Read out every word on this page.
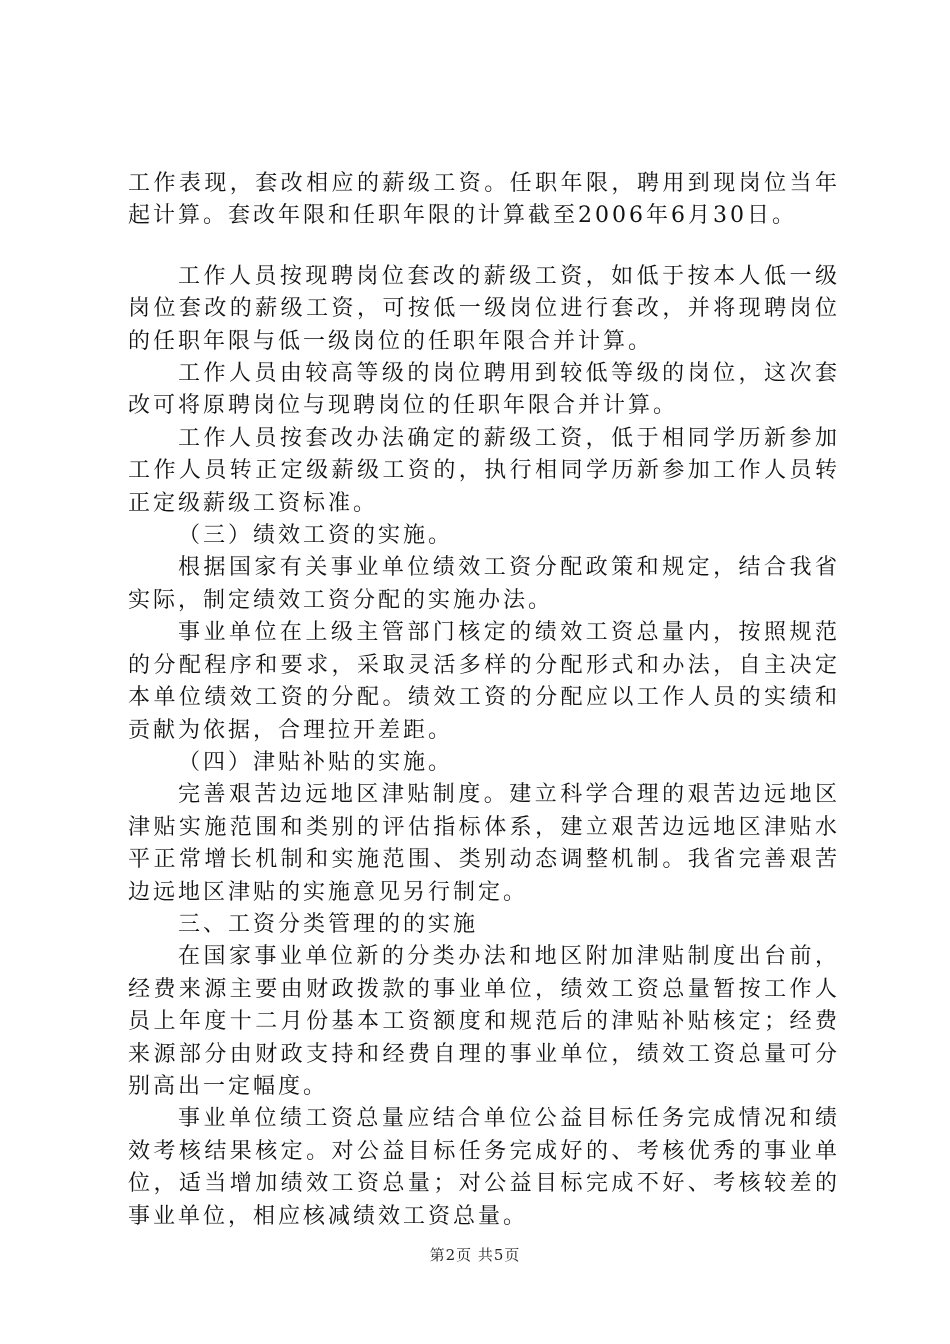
工作表现，套改相应的薪级工资。任职年限，聘用到现岗位当年起计算。套改年限和任职年限的计算截至2006年6月30日。

工作人员按现聘岗位套改的薪级工资，如低于按本人低一级岗位套改的薪级工资，可按低一级岗位进行套改，并将现聘岗位的任职年限与低一级岗位的任职年限合并计算。

工作人员由较高等级的岗位聘用到较低等级的岗位，这次套改可将原聘岗位与现聘岗位的任职年限合并计算。

工作人员按套改办法确定的薪级工资，低于相同学历新参加工作人员转正定级薪级工资的，执行相同学历新参加工作人员转正定级薪级工资标准。

（三）绩效工资的实施。

根据国家有关事业单位绩效工资分配政策和规定，结合我省实际，制定绩效工资分配的实施办法。

事业单位在上级主管部门核定的绩效工资总量内，按照规范的分配程序和要求，采取灵活多样的分配形式和办法，自主决定本单位绩效工资的分配。绩效工资的分配应以工作人员的实绩和贡献为依据，合理拉开差距。

（四）津贴补贴的实施。

完善艰苦边远地区津贴制度。建立科学合理的艰苦边远地区津贴实施范围和类别的评估指标体系，建立艰苦边远地区津贴水平正常增长机制和实施范围、类别动态调整机制。我省完善艰苦边远地区津贴的实施意见另行制定。

三、工资分类管理的的实施

在国家事业单位新的分类办法和地区附加津贴制度出台前，经费来源主要由财政拨款的事业单位，绩效工资总量暂按工作人员上年度十二月份基本工资额度和规范后的津贴补贴核定；经费来源部分由财政支持和经费自理的事业单位，绩效工资总量可分别高出一定幅度。

事业单位绩工资总量应结合单位公益目标任务完成情况和绩效考核结果核定。对公益目标任务完成好的、考核优秀的事业单位，适当增加绩效工资总量；对公益目标完成不好、考核较差的事业单位，相应核减绩效工资总量。

第2页 共5页
